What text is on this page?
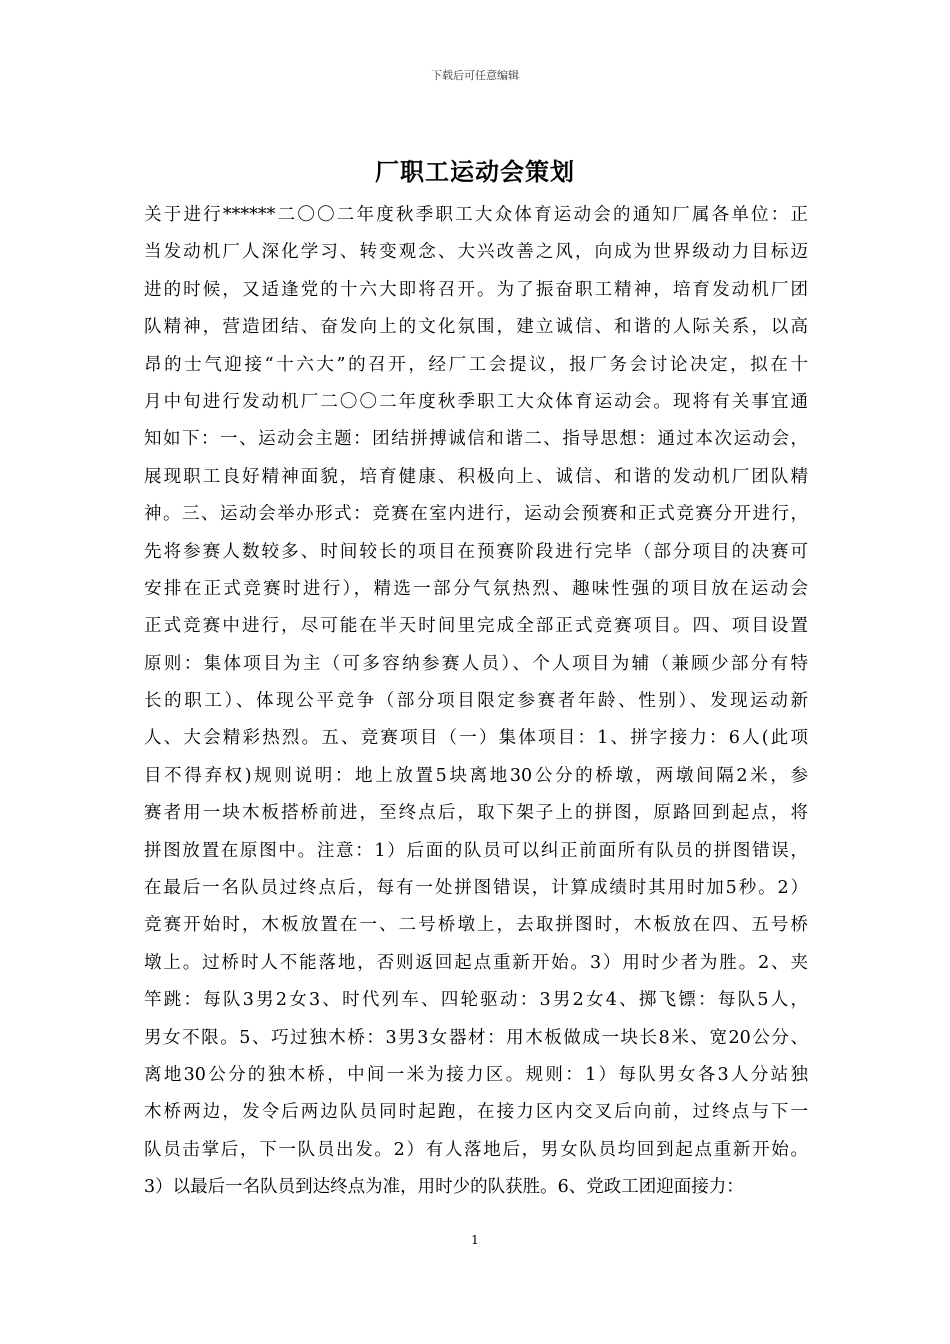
下载后可任意编辑
厂职工运动会策划
关于进行******二〇〇二年度秋季职工大众体育运动会的通知厂属各单位：正
当发动机厂人深化学习、转变观念、大兴改善之风，向成为世界级动力目标迈
进的时候，又适逢党的十六大即将召开。为了振奋职工精神，培育发动机厂团
队精神，营造团结、奋发向上的文化氛围，建立诚信、和谐的人际关系，以高
昂的士气迎接“十六大”的召开，经厂工会提议，报厂务会讨论决定，拟在十
月中旬进行发动机厂二〇〇二年度秋季职工大众体育运动会。现将有关事宜通
知如下：一、运动会主题：团结拼搏诚信和谐二、指导思想：通过本次运动会，
展现职工良好精神面貌，培育健康、积极向上、诚信、和谐的发动机厂团队精
神。三、运动会举办形式：竞赛在室内进行，运动会预赛和正式竞赛分开进行，
先将参赛人数较多、时间较长的项目在预赛阶段进行完毕（部分项目的决赛可
安排在正式竞赛时进行），精选一部分气氛热烈、趣味性强的项目放在运动会
正式竞赛中进行，尽可能在半天时间里完成全部正式竞赛项目。四、项目设置
原则：集体项目为主（可多容纳参赛人员）、个人项目为辅（兼顾少部分有特
长的职工）、体现公平竞争（部分项目限定参赛者年龄、性别）、发现运动新
人、大会精彩热烈。五、竞赛项目（一）集体项目：1、拼字接力：6人(此项
目不得弃权)规则说明：地上放置5块离地30公分的桥墩，两墩间隔2米，参
赛者用一块木板搭桥前进，至终点后，取下架子上的拼图，原路回到起点，将
拼图放置在原图中。注意：1）后面的队员可以纠正前面所有队员的拼图错误，
在最后一名队员过终点后，每有一处拼图错误，计算成绩时其用时加5秒。2）
竞赛开始时，木板放置在一、二号桥墩上，去取拼图时，木板放在四、五号桥
墩上。过桥时人不能落地，否则返回起点重新开始。3）用时少者为胜。2、夹
竿跳：每队3男2女3、时代列车、四轮驱动：3男2女4、掷飞镖：每队5人，
男女不限。5、巧过独木桥：3男3女器材：用木板做成一块长8米、宽20公分、
离地30公分的独木桥，中间一米为接力区。规则：1）每队男女各3人分站独
木桥两边，发令后两边队员同时起跑，在接力区内交叉后向前，过终点与下一
队员击掌后，下一队员出发。2）有人落地后，男女队员均回到起点重新开始。
3）以最后一名队员到达终点为准，用时少的队获胜。6、党政工团迎面接力：
1
